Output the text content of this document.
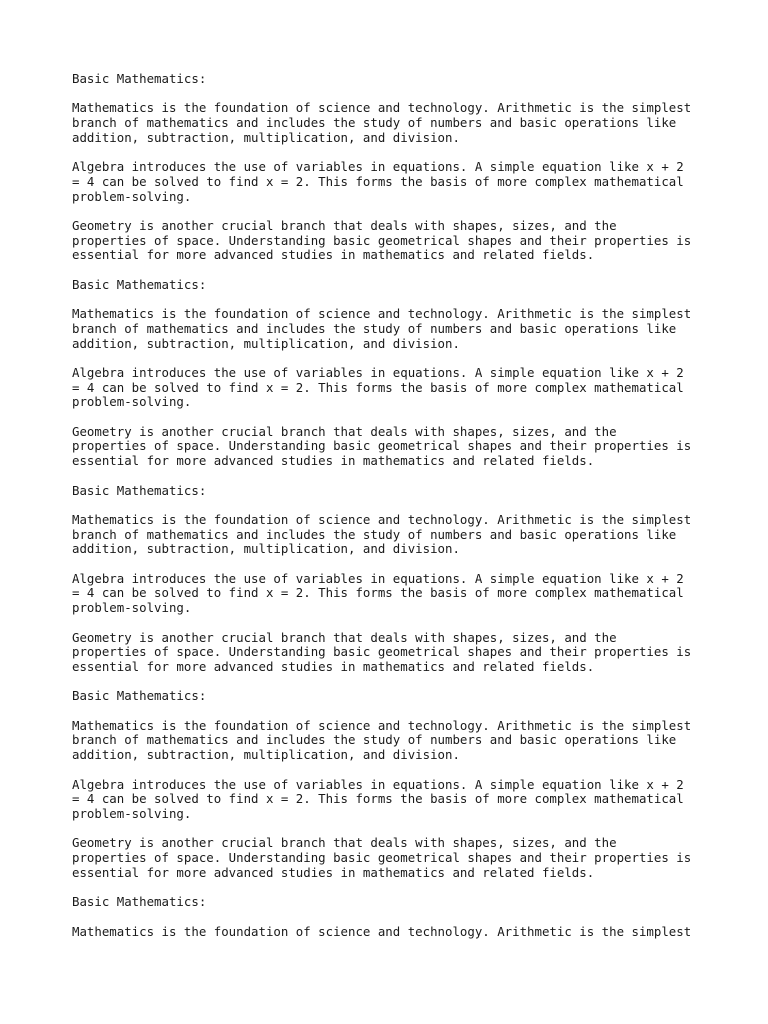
Basic Mathematics:

Mathematics is the foundation of science and technology. Arithmetic is the simplest
branch of mathematics and includes the study of numbers and basic operations like
addition, subtraction, multiplication, and division.

Algebra introduces the use of variables in equations. A simple equation like x + 2
= 4 can be solved to find x = 2. This forms the basis of more complex mathematical
problem-solving.

Geometry is another crucial branch that deals with shapes, sizes, and the
properties of space. Understanding basic geometrical shapes and their properties is
essential for more advanced studies in mathematics and related fields.

Basic Mathematics:

Mathematics is the foundation of science and technology. Arithmetic is the simplest
branch of mathematics and includes the study of numbers and basic operations like
addition, subtraction, multiplication, and division.

Algebra introduces the use of variables in equations. A simple equation like x + 2
= 4 can be solved to find x = 2. This forms the basis of more complex mathematical
problem-solving.

Geometry is another crucial branch that deals with shapes, sizes, and the
properties of space. Understanding basic geometrical shapes and their properties is
essential for more advanced studies in mathematics and related fields.

Basic Mathematics:

Mathematics is the foundation of science and technology. Arithmetic is the simplest
branch of mathematics and includes the study of numbers and basic operations like
addition, subtraction, multiplication, and division.

Algebra introduces the use of variables in equations. A simple equation like x + 2
= 4 can be solved to find x = 2. This forms the basis of more complex mathematical
problem-solving.

Geometry is another crucial branch that deals with shapes, sizes, and the
properties of space. Understanding basic geometrical shapes and their properties is
essential for more advanced studies in mathematics and related fields.

Basic Mathematics:

Mathematics is the foundation of science and technology. Arithmetic is the simplest
branch of mathematics and includes the study of numbers and basic operations like
addition, subtraction, multiplication, and division.

Algebra introduces the use of variables in equations. A simple equation like x + 2
= 4 can be solved to find x = 2. This forms the basis of more complex mathematical
problem-solving.

Geometry is another crucial branch that deals with shapes, sizes, and the
properties of space. Understanding basic geometrical shapes and their properties is
essential for more advanced studies in mathematics and related fields.

Basic Mathematics:

Mathematics is the foundation of science and technology. Arithmetic is the simplest
